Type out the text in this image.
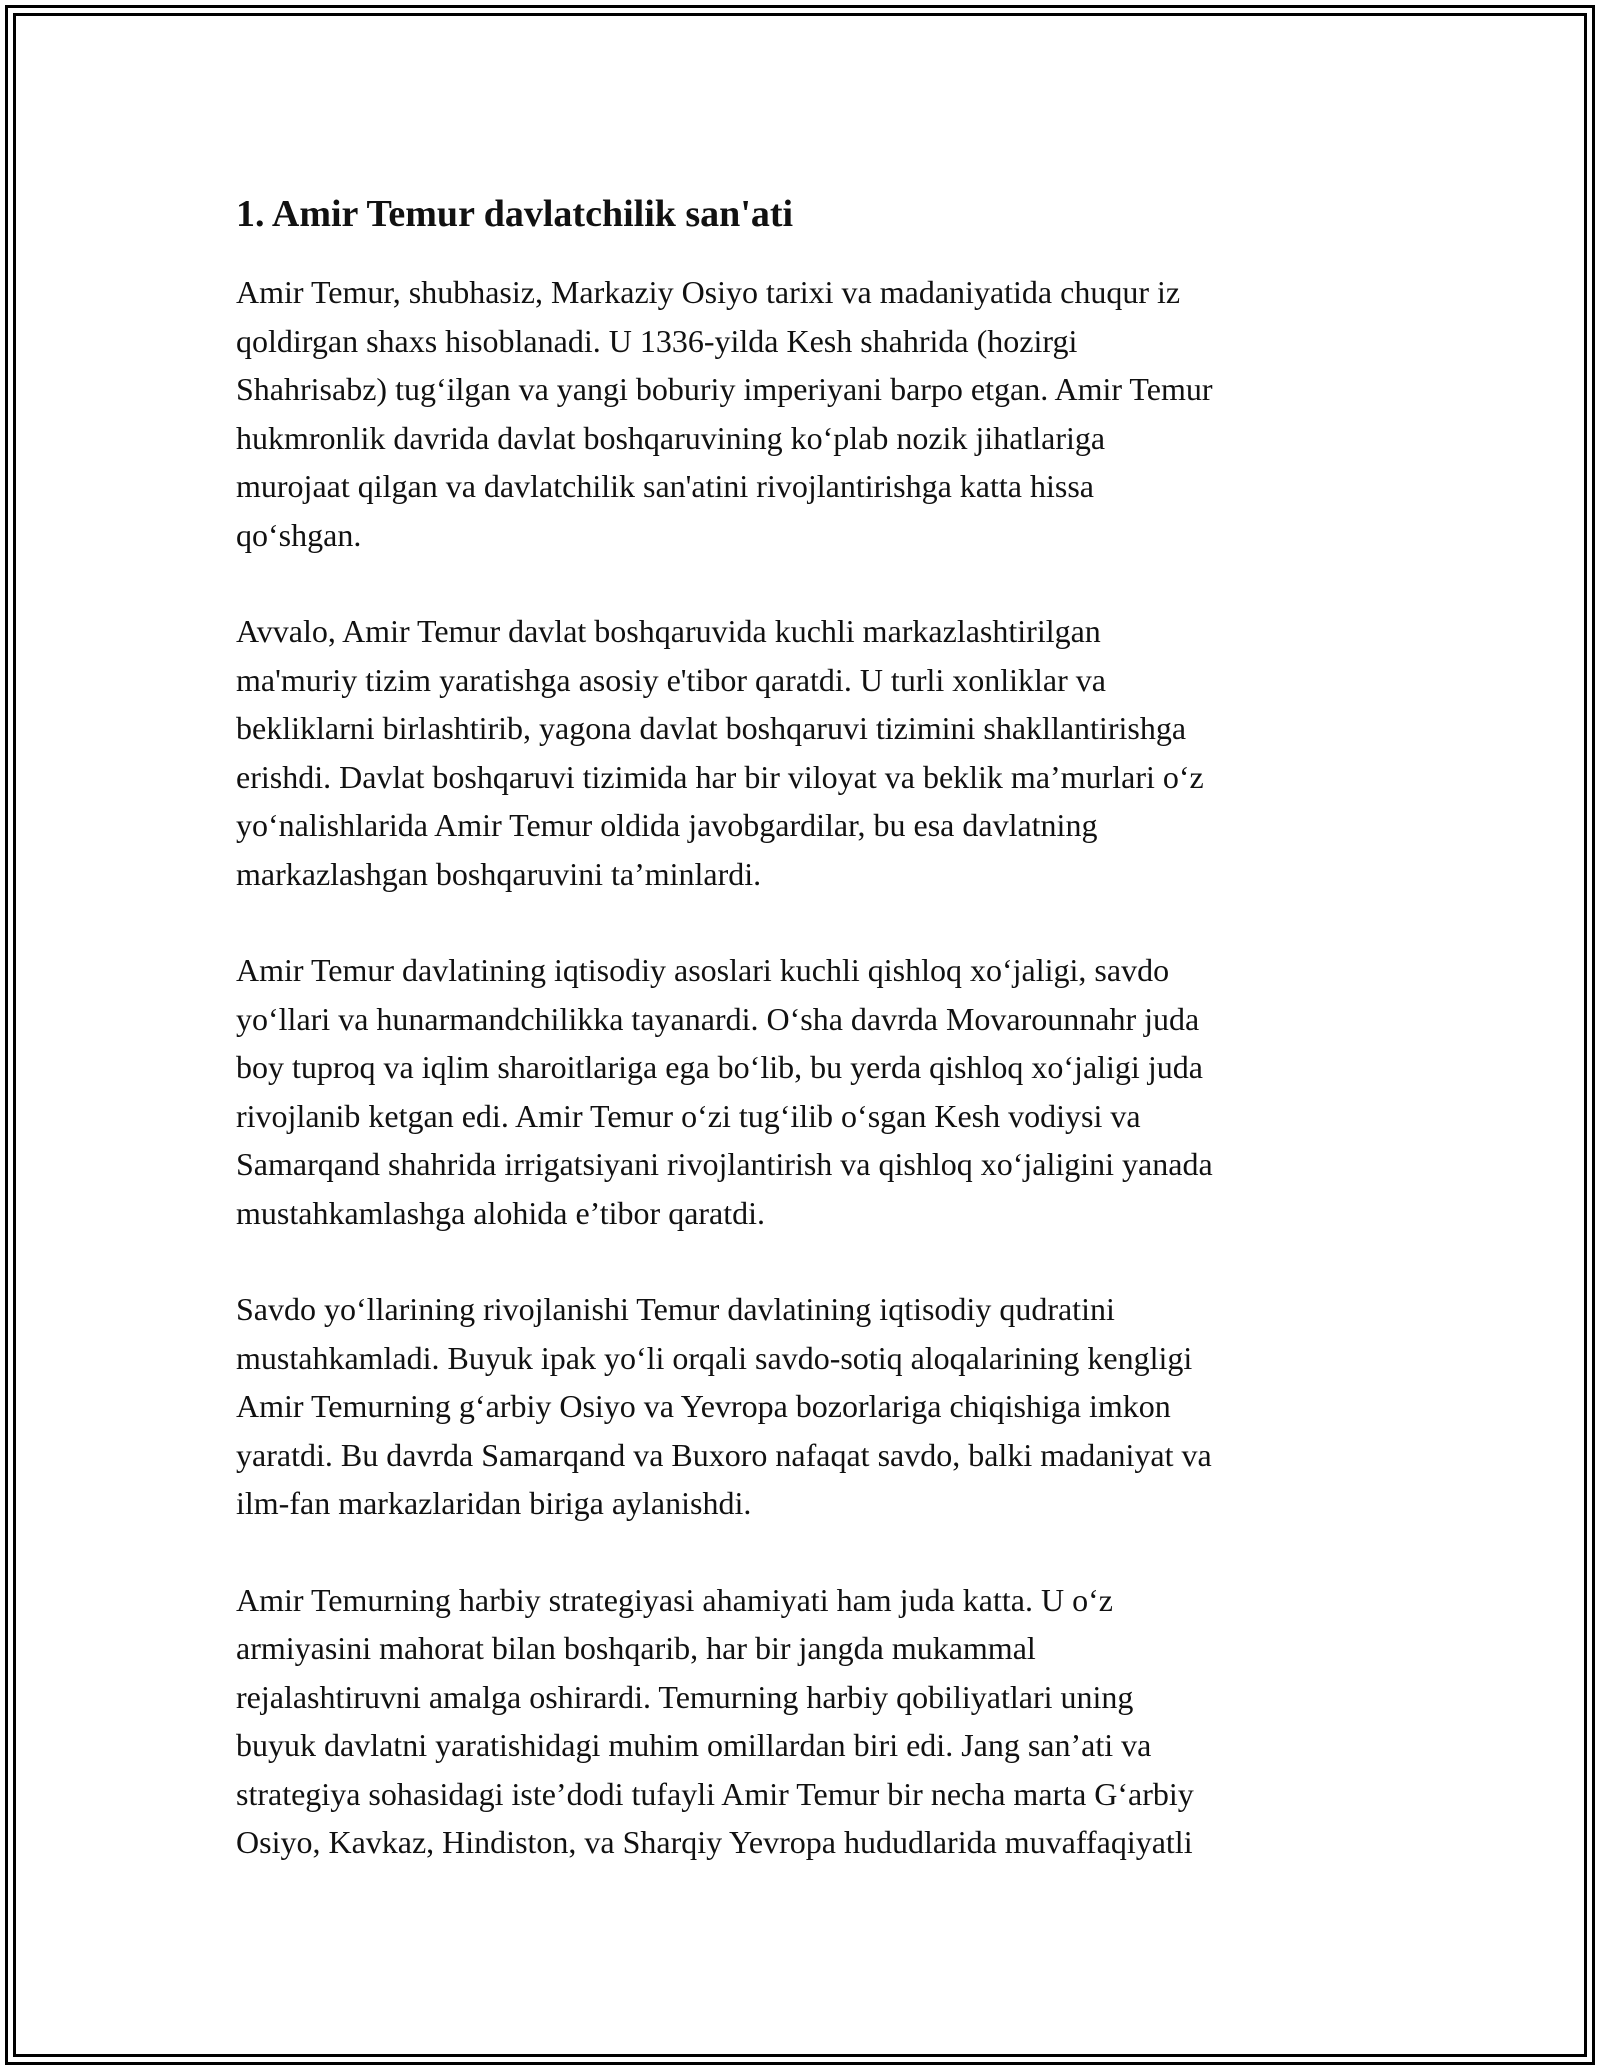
1. Amir Temur davlatchilik san'ati

Amir Temur, shubhasiz, Markaziy Osiyo tarixi va madaniyatida chuqur iz
qoldirgan shaxs hisoblanadi. U 1336-yilda Kesh shahrida (hozirgi
Shahrisabz) tug‘ilgan va yangi boburiy imperiyani barpo etgan. Amir Temur
hukmronlik davrida davlat boshqaruvining ko‘plab nozik jihatlariga
murojaat qilgan va davlatchilik san'atini rivojlantirishga katta hissa
qo‘shgan.

Avvalo, Amir Temur davlat boshqaruvida kuchli markazlashtirilgan
ma'muriy tizim yaratishga asosiy e'tibor qaratdi. U turli xonliklar va
bekliklarni birlashtirib, yagona davlat boshqaruvi tizimini shakllantirishga
erishdi. Davlat boshqaruvi tizimida har bir viloyat va beklik ma’murlari o‘z
yo‘nalishlarida Amir Temur oldida javobgardilar, bu esa davlatning
markazlashgan boshqaruvini ta’minlardi.

Amir Temur davlatining iqtisodiy asoslari kuchli qishloq xo‘jaligi, savdo
yo‘llari va hunarmandchilikka tayanardi. O‘sha davrda Movarounnahr juda
boy tuproq va iqlim sharoitlariga ega bo‘lib, bu yerda qishloq xo‘jaligi juda
rivojlanib ketgan edi. Amir Temur o‘zi tug‘ilib o‘sgan Kesh vodiysi va
Samarqand shahrida irrigatsiyani rivojlantirish va qishloq xo‘jaligini yanada
mustahkamlashga alohida e’tibor qaratdi.

Savdo yo‘llarining rivojlanishi Temur davlatining iqtisodiy qudratini
mustahkamladi. Buyuk ipak yo‘li orqali savdo-sotiq aloqalarining kengligi
Amir Temurning g‘arbiy Osiyo va Yevropa bozorlariga chiqishiga imkon
yaratdi. Bu davrda Samarqand va Buxoro nafaqat savdo, balki madaniyat va
ilm-fan markazlaridan biriga aylanishdi.

Amir Temurning harbiy strategiyasi ahamiyati ham juda katta. U o‘z
armiyasini mahorat bilan boshqarib, har bir jangda mukammal
rejalashtiruvni amalga oshirardi. Temurning harbiy qobiliyatlari uning
buyuk davlatni yaratishidagi muhim omillardan biri edi. Jang san’ati va
strategiya sohasidagi iste’dodi tufayli Amir Temur bir necha marta G‘arbiy
Osiyo, Kavkaz, Hindiston, va Sharqiy Yevropa hududlarida muvaffaqiyatli
